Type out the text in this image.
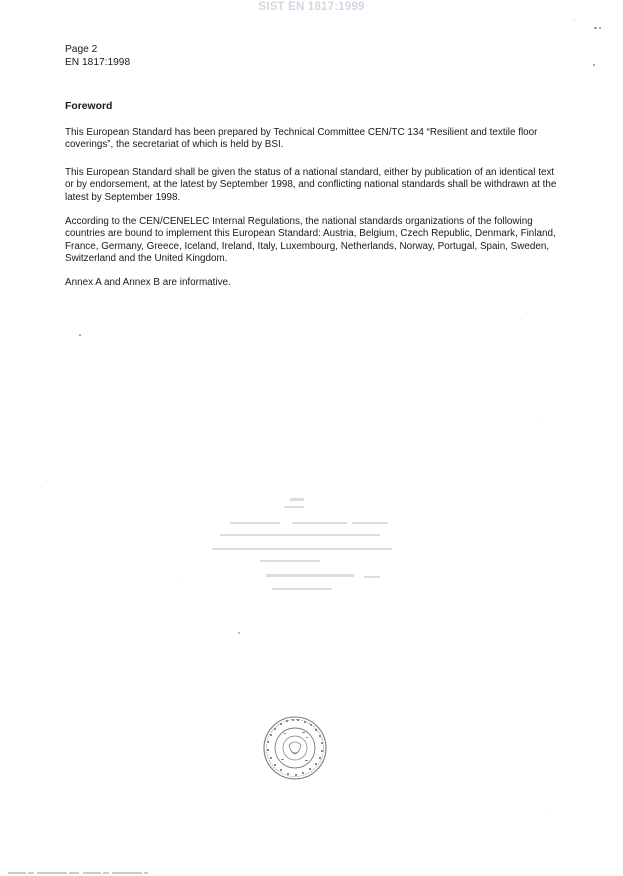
SIST EN 1817:1999
Page 2
EN 1817:1998
Foreword

This European Standard has been prepared by Technical Committee CEN/TC 134 “Resilient and textile floor coverings”, the secretariat of which is held by BSI.

This European Standard shall be given the status of a national standard, either by publication of an identical text or by endorsement, at the latest by September 1998, and conflicting national standards shall be withdrawn at the latest by September 1998.

According to the CEN/CENELEC Internal Regulations, the national standards organizations of the following countries are bound to implement this European Standard: Austria, Belgium, Czech Republic, Denmark, Finland, France, Germany, Greece, Iceland, Ireland, Italy, Luxembourg, Netherlands, Norway, Portugal, Spain, Sweden, Switzerland and the United Kingdom.

Annex A and Annex B are informative.
